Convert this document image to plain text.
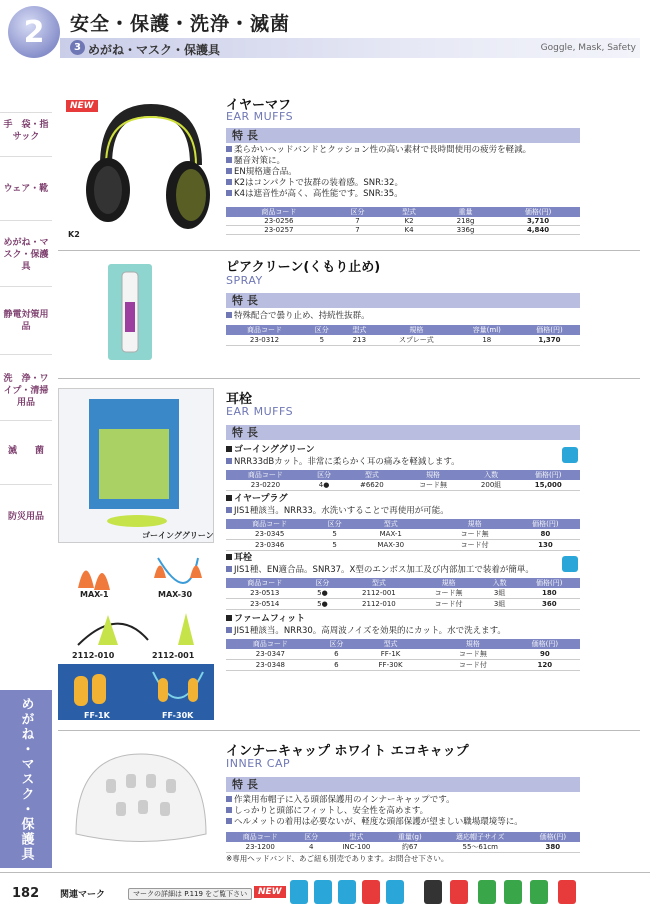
2	安全・保護・洗浄・滅菌
3 めがね・マスク・保護具	Goggle, Mask, Safety
手　袋・指サック
ウェア・靴
めがね・マスク・保護具
静電対策用　　品
洗　浄・ワイプ・清掃用品
滅　　菌
防災用品
めがね・マスク・保護具
NEW
K2
イヤーマフ
EAR MUFFS
特 長
柔らかいヘッドバンドとクッション性の高い素材で長時間使用の疲労を軽減。
騒音対策に。
EN規格適合品。
K2はコンパクトで抜群の装着感。SNR:32。
K4は遮音性が高く、高性能です。SNR:35。
商品コード	区分	型式	重量	価格(円)
23-0256	7	K2	218g	3,710
23-0257	7	K4	336g	4,840
ピアクリーン(くもり止め)
SPRAY
特 長
特殊配合で曇り止め、持続性抜群。
商品コード	区分	型式	規格	容量(ml)	価格(円)
23-0312	5	213	スプレー式	18	1,370
ゴーインググリーン
MAX-1	MAX-30
2112-010	2112-001
FF-1K	FF-30K
耳栓
EAR MUFFS
特 長
ゴーインググリーン
NRR33dBカット。非常に柔らかく耳の痛みを軽減します。
商品コード	区分	型式	規格	入数	価格(円)
23-0220	4●	#6620	コード無	200組	15,000
イヤープラグ
JIS1種該当。NRR33。水洗いすることで再使用が可能。
商品コード	区分	型式		規格	価格(円)
23-0345	5	MAX-1		コード無	80
23-0346	5	MAX-30		コード付	130
耳栓
JIS1種、EN適合品。SNR37。X型のエンボス加工及び内部加工で装着が簡単。
商品コード	区分	型式	規格	入数	価格(円)
23-0513	5●	2112-001	コード無	3組	180
23-0514	5●	2112-010	コード付	3組	360
ファームフィット
JIS1種該当。NRR30。高周波ノイズを効果的にカット。水で洗えます。
商品コード	区分	型式		規格	価格(円)
23-0347	6	FF-1K		コード無	90
23-0348	6	FF-30K		コード付	120
インナーキャップ ホワイト エコキャップ
INNER CAP
特 長
作業用布帽子に入る頭部保護用のインナーキャップです。
しっかりと頭部にフィットし、安全性を高めます。
ヘルメットの着用は必要ないが、軽度な頭部保護が望ましい職場環境等に。
商品コード	区分	型式	重量(g)	適応帽子サイズ	価格(円)
23-1200	4	INC-100	約67	55〜61cm	380
※専用ヘッドバンド、あご紐も別売であります。お問合せ下さい。
182 関連マーク	マークの詳細は P.119 をご覧下さい	NEW
